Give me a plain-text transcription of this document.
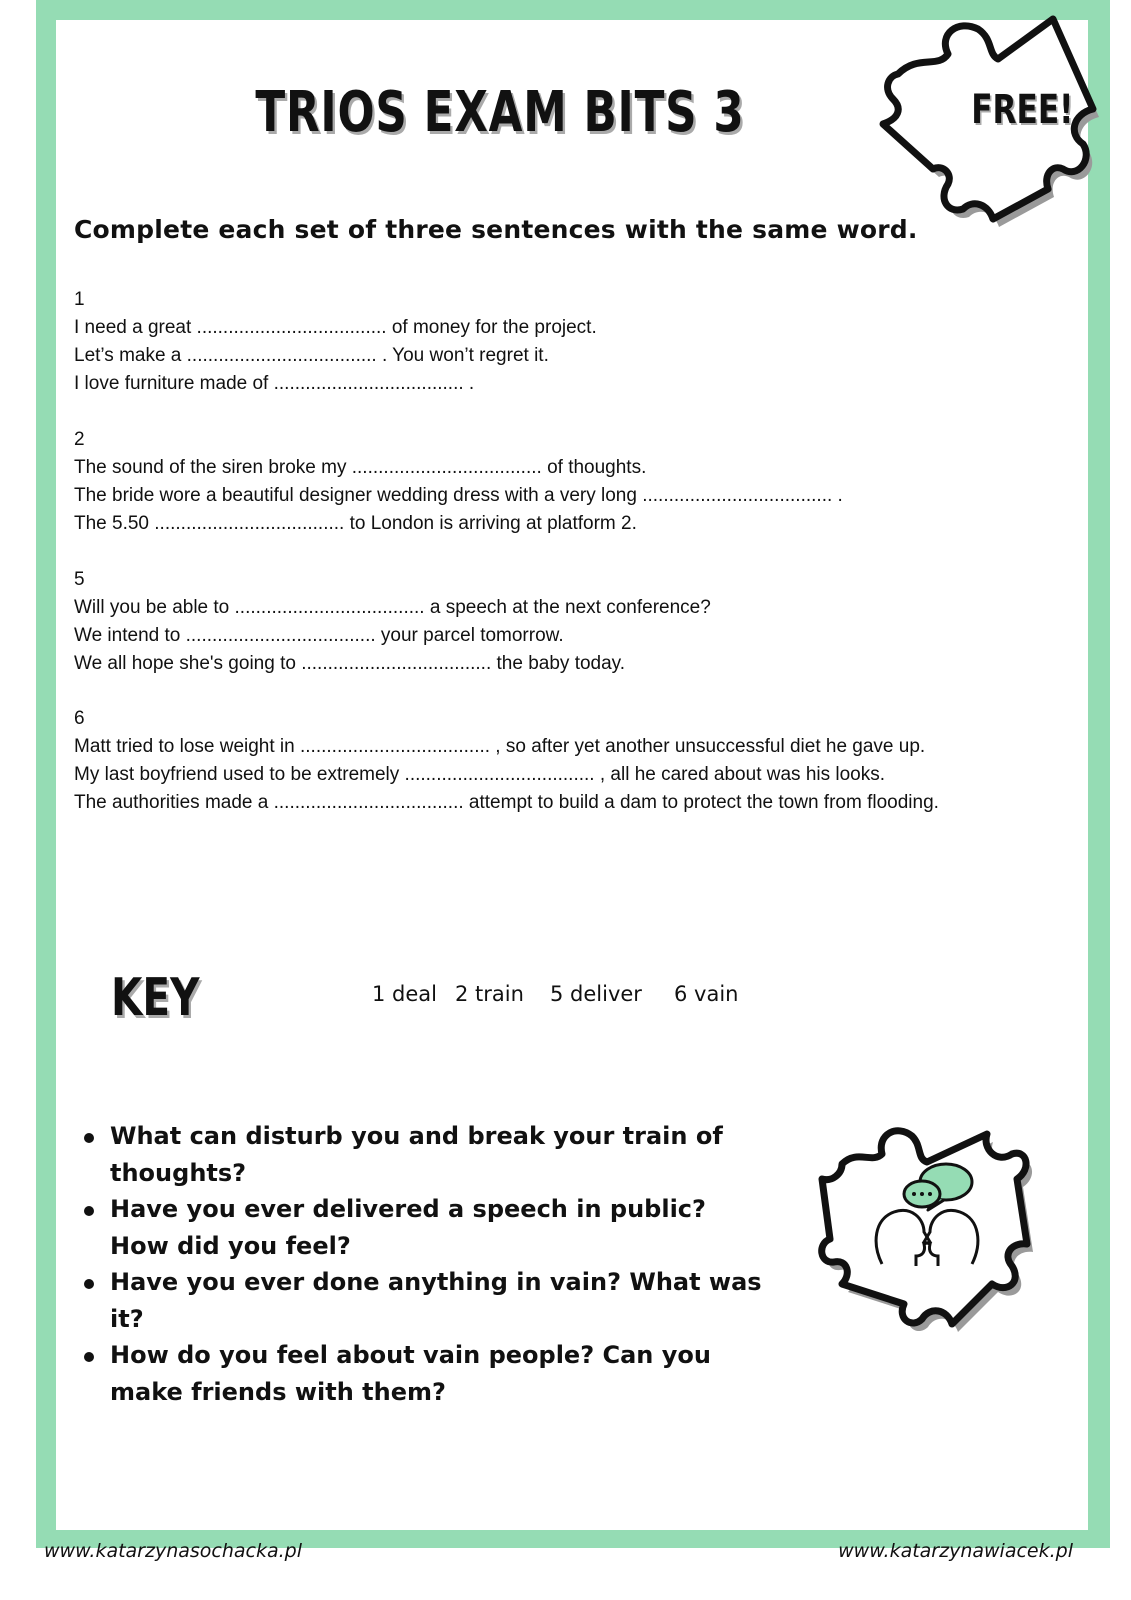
TRIOS EXAM BITS 3	FREE!
Complete each set of three sentences with the same word.
1
I need a great .................................... of money for the project.
Let’s make a .................................... . You won’t regret it.
I love furniture made of .................................... .
2
The sound of the siren broke my .................................... of thoughts.
The bride wore a beautiful designer wedding dress with a very long .................................... .
The 5.50 .................................... to London is arriving at platform 2.
5
Will you be able to .................................... a speech at the next conference?
We intend to .................................... your parcel tomorrow.
We all hope she's going to .................................... the baby today.
6
Matt tried to lose weight in .................................... , so after yet another unsuccessful diet he gave up.
My last boyfriend used to be extremely .................................... , all he cared about was his looks.
The authorities made a .................................... attempt to build a dam to protect the town from flooding.
KEY	1 deal 2 train 5 deliver 6 vain
What can disturb you and break your train of thoughts?
Have you ever delivered a speech in public? How did you feel?
Have you ever done anything in vain? What was it?
How do you feel about vain people? Can you make friends with them?
www.katarzynasochacka.pl	www.katarzynawiacek.pl
